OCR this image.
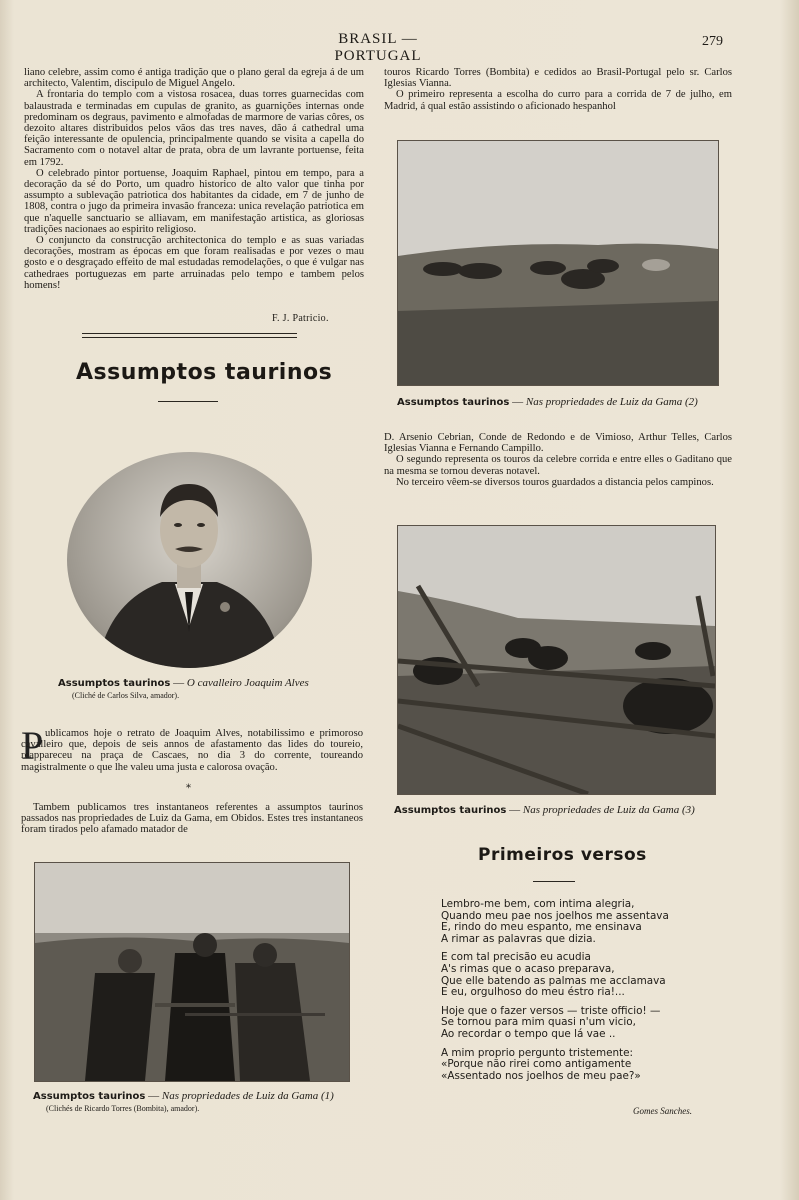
BRASIL — PORTUGAL
279

liano celebre, assim como é antiga tradição que o plano geral da egreja á de um architecto, Valentim, discipulo de Miguel Angelo.

A frontaria do templo com a vistosa rosacea, duas torres guarnecidas com balaustrada e terminadas em cupulas de granito, as guarnições internas onde predominam os degraus, pavimento e almofadas de marmore de varias côres, os dezoito altares distribuidos pelos vãos das tres naves, dão á cathedral uma feição interessante de opulencia, principalmente quando se visita a capella do Sacramento com o notavel altar de prata, obra de um lavrante portuense, feita em 1792.

O celebrado pintor portuense, Joaquim Raphael, pintou em tempo, para a decoração da sé do Porto, um quadro historico de alto valor que tinha por assumpto a sublevação patriotica dos habitantes da cidade, em 7 de junho de 1808, contra o jugo da primeira invasão franceza: unica revelação patriotica em que n'aquelle sanctuario se alliavam, em manifestação artistica, as gloriosas tradições nacionaes ao espirito religioso.

O conjuncto da construcção architectonica do templo e as suas variadas decorações, mostram as épocas em que foram realisadas e por vezes o mau gosto e o desgraçado effeito de mal estudadas remodelações, o que é vulgar nas cathedraes portuguezas em parte arruinadas pelo tempo e tambem pelos homens!

F. J. Patricio.
Assumptos taurinos
Assumptos taurinos — O cavalleiro Joaquim Alves
(Cliché de Carlos Silva, amador).
P ublicamos hoje o retrato de Joaquim Alves, notabilissimo e primoroso cavalleiro que, depois de seis annos de afastamento das lides do toureio, reappareceu na praça de Cascaes, no dia 3 do corrente, toureando magistralmente o que lhe valeu uma justa e calorosa ovação.

*

Tambem publicamos tres instantaneos referentes a assumptos taurinos passados nas propriedades de Luiz da Gama, em Obidos. Estes tres instantaneos foram tirados pelo afamado matador de

Assumptos taurinos — Nas propriedades de Luiz da Gama (1)
(Clichés de Ricardo Torres (Bombita), amador).

touros Ricardo Torres (Bombita) e cedidos ao Brasil-Portugal pelo sr. Carlos Iglesias Vianna.

O primeiro representa a escolha do curro para a corrida de 7 de julho, em Madrid, á qual estão assistindo o aficionado hespanhol

Assumptos taurinos — Nas propriedades de Luiz da Gama (2)

D. Arsenio Cebrian, Conde de Redondo e de Vimioso, Arthur Telles, Carlos Iglesias Vianna e Fernando Campillo.

O segundo representa os touros da celebre corrida e entre elles o Gaditano que na mesma se tornou deveras notavel.

No terceiro vêem-se diversos touros guardados a distancia pelos campinos.

Assumptos taurinos — Nas propriedades de Luiz da Gama (3)
Primeiros versos
Lembro-me bem, com intima alegria,
Quando meu pae nos joelhos me assentava
E, rindo do meu espanto, me ensinava
A rimar as palavras que dizia.
E com tal precisão eu acudia
A's rimas que o acaso preparava,
Que elle batendo as palmas me acclamava
E eu, orgulhoso do meu éstro ria!...
Hoje que o fazer versos — triste officio! —
Se tornou para mim quasi n'um vicio,
Ao recordar o tempo que lá vae ..
A mim proprio pergunto tristemente:
«Porque não rirei como antigamente
«Assentado nos joelhos de meu pae?»
Gomes Sanches.
